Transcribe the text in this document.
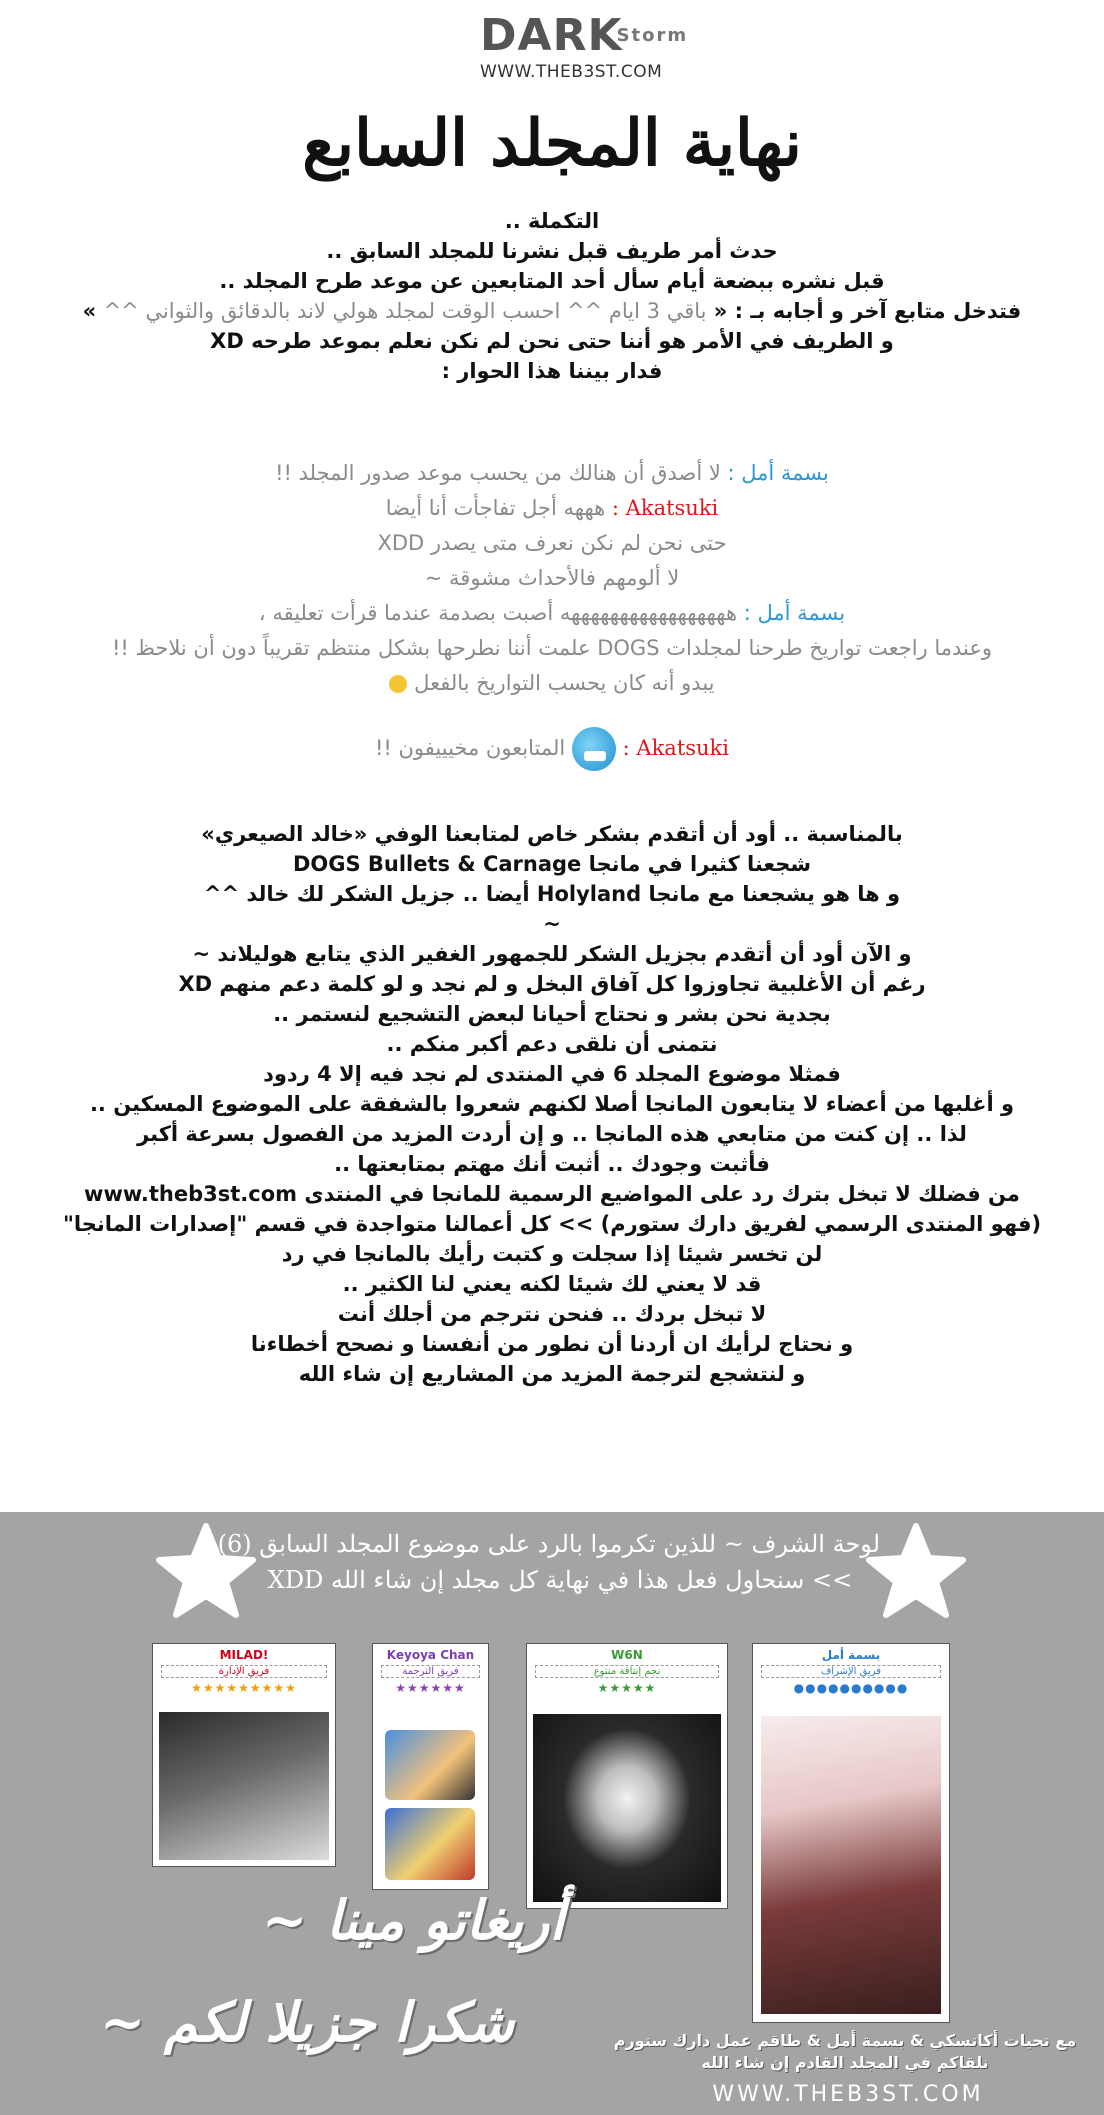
$DARK^{Storm}$
WWW.THEB3ST.COM
نهاية المجلد السابع
التكملة ..
حدث أمر طريف قبل نشرنا للمجلد السابق ..
قبل نشره ببضعة أيام سأل أحد المتابعين عن موعد طرح المجلد ..
فتدخل متابع آخر و أجابه بـ : « باقي 3 ايام ^^ احسب الوقت لمجلد هولي لاند بالدقائق والثواني ^^ »
و الطريف في الأمر هو أننا حتى نحن لم نكن نعلم بموعد طرحه XD
فدار بيننا هذا الحوار :
بسمة أمل : لا أصدق أن هنالك من يحسب موعد صدور المجلد !!
Akatsuki : هههه أجل تفاجأت أنا أيضا
حتى نحن لم نكن نعرف متى يصدر XDD
لا ألومهم فالأحداث مشوقة ~
بسمة أمل : هههههههههههههههههه أصبت بصدمة عندما قرأت تعليقه ،
وعندما راجعت تواريخ طرحنا لمجلدات DOGS علمت أننا نطرحها بشكل منتظم تقريباً دون أن نلاحظ !!
يبدو أنه كان يحسب التواريخ بالفعل
Akatsuki :  المتابعون مخيييفون !!
بالمناسبة .. أود أن أتقدم بشكر خاص لمتابعنا الوفي «خالد الصيعري»
شجعنا كثيرا في مانجا DOGS Bullets & Carnage
و ها هو يشجعنا مع مانجا Holyland أيضا .. جزيل الشكر لك خالد ^^
~
و الآن أود أن أتقدم بجزيل الشكر للجمهور الغفير الذي يتابع هوليلاند ~
رغم أن الأغلبية تجاوزوا كل آفاق البخل و لم نجد و لو كلمة دعم منهم XD
بجدية نحن بشر و نحتاج أحيانا لبعض التشجيع لنستمر ..
نتمنى أن نلقى دعم أكبر منكم ..
فمثلا موضوع المجلد 6 في المنتدى لم نجد فيه إلا 4 ردود
و أغلبها من أعضاء لا يتابعون المانجا أصلا لكنهم شعروا بالشفقة على الموضوع المسكين ..
لذا .. إن كنت من متابعي هذه المانجا .. و إن أردت المزيد من الفصول بسرعة أكبر
فأثبت وجودك .. أثبت أنك مهتم بمتابعتها ..
من فضلك لا تبخل بترك رد على المواضيع الرسمية للمانجا في المنتدى www.theb3st.com
(فهو المنتدى الرسمي لفريق دارك ستورم) >> كل أعمالنا متواجدة في قسم "إصدارات المانجا"
لن تخسر شيئا إذا سجلت و كتبت رأيك بالمانجا في رد
قد لا يعني لك شيئا لكنه يعني لنا الكثير ..
لا تبخل بردك .. فنحن نترجم من أجلك أنت
و نحتاج لرأيك ان أردنا أن نطور من أنفسنا و نصحح أخطاءنا
و لنتشجع لترجمة المزيد من المشاريع إن شاء الله
لوحة الشرف ~ للذين تكرموا بالرد على موضوع المجلد السابق (6)
>> سنحاول فعل هذا في نهاية كل مجلد إن شاء الله XDD
MILAD!
فريق الإدارة
★★★★★★★★★
Keyoya Chan
فريق الترجمة
★★★★★★
W6N
نجم إنتاقة منتوع
★★★★★
بسمة أمل
فريق الإشراف
●●●●●●●●●●
أريغاتو مينا ~
شكرا جزيلا لكم ~	مع تحيات أكاتسكي & بسمة أمل & طاقم عمل دارك ستورم
نلقاكم في المجلد القادم إن شاء الله
WWW.THEB3ST.COM
